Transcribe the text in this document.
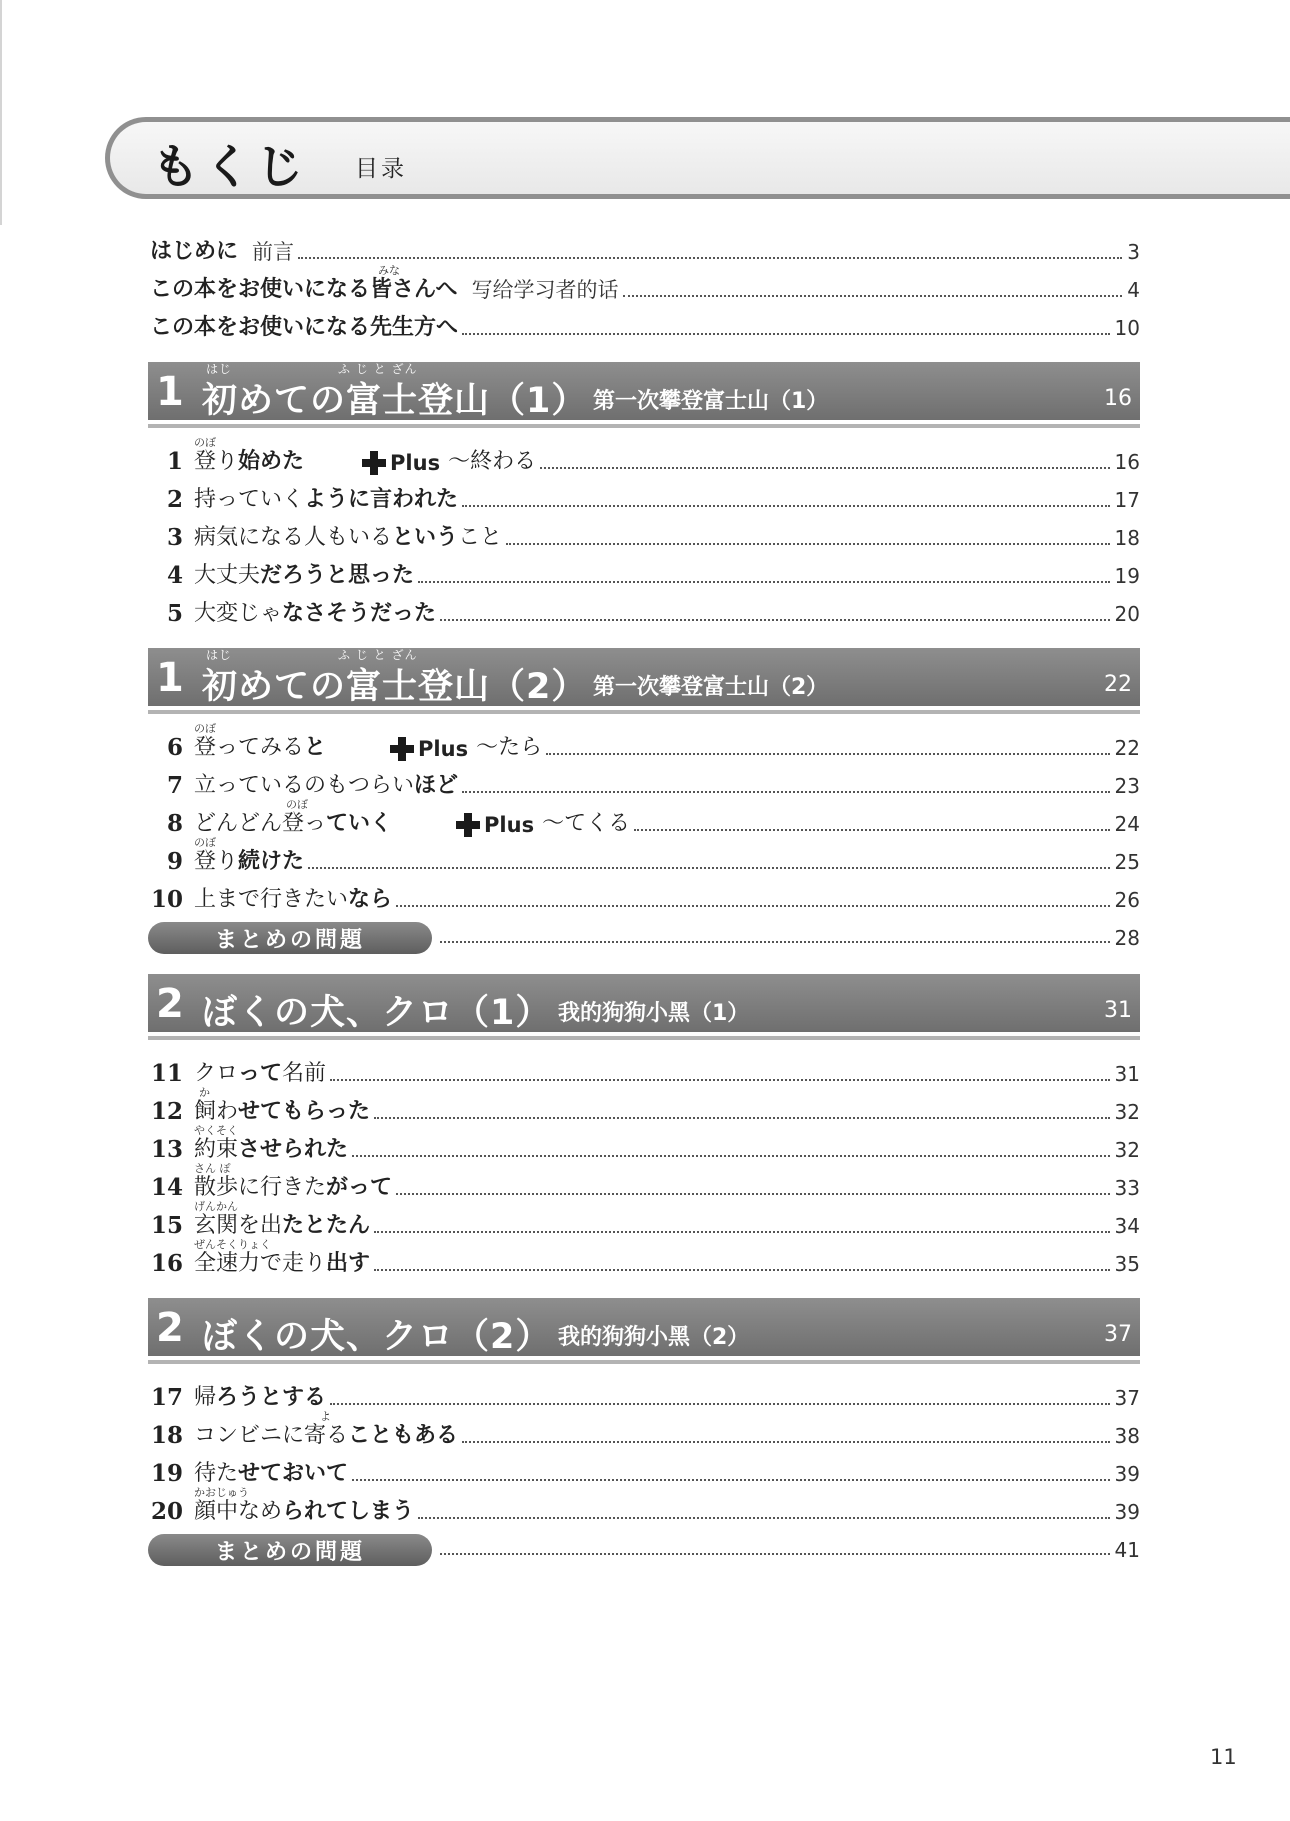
もくじ 目录
はじめに 前言	3
この本をお使いになる皆さんへ
みな
写给学习者的话	4
この本をお使いになる先生方へ	10
1 はじ	ふ じ と ざん
初めての富士登山（1） 第一次攀登富士山（1）	16
1
のぼ
登り始めた	Plus ～終わる	16
2 持っていくように言われた	17
3 病気になる人もいるということ	18
4 大丈夫だろうと思った	19
5 大変じゃなさそうだった	20
1 はじ	ふ じ と ざん
初めての富士登山（2） 第一次攀登富士山（2）	22
6
のぼ
登ってみると	Plus ～たら	22
7 立っているのもつらいほど	23
8
のぼ
どんどん登っていく	Plus ～てくる	24
9
のぼ
登り続けた	25
10 上まで行きたいなら	26
まとめの問題	28
2 ぼくの犬、クロ（1） 我的狗狗小黑（1）	31
11 クロって名前	31
12
か
飼わせてもらった	32
13
やくそく
約束させられた	32
14
さん ぽ
散歩に行きたがって	33
15
げんかん
玄関を出たとたん	34
16
ぜんそくりょく
全速力で走り出す	35
2 ぼくの犬、クロ（2） 我的狗狗小黑（2）	37
17 帰ろうとする	37
18
よ
コンビニに寄ることもある	38
19 待たせておいて	39
20
かおじゅう
顔中なめられてしまう	39
まとめの問題	41
11
